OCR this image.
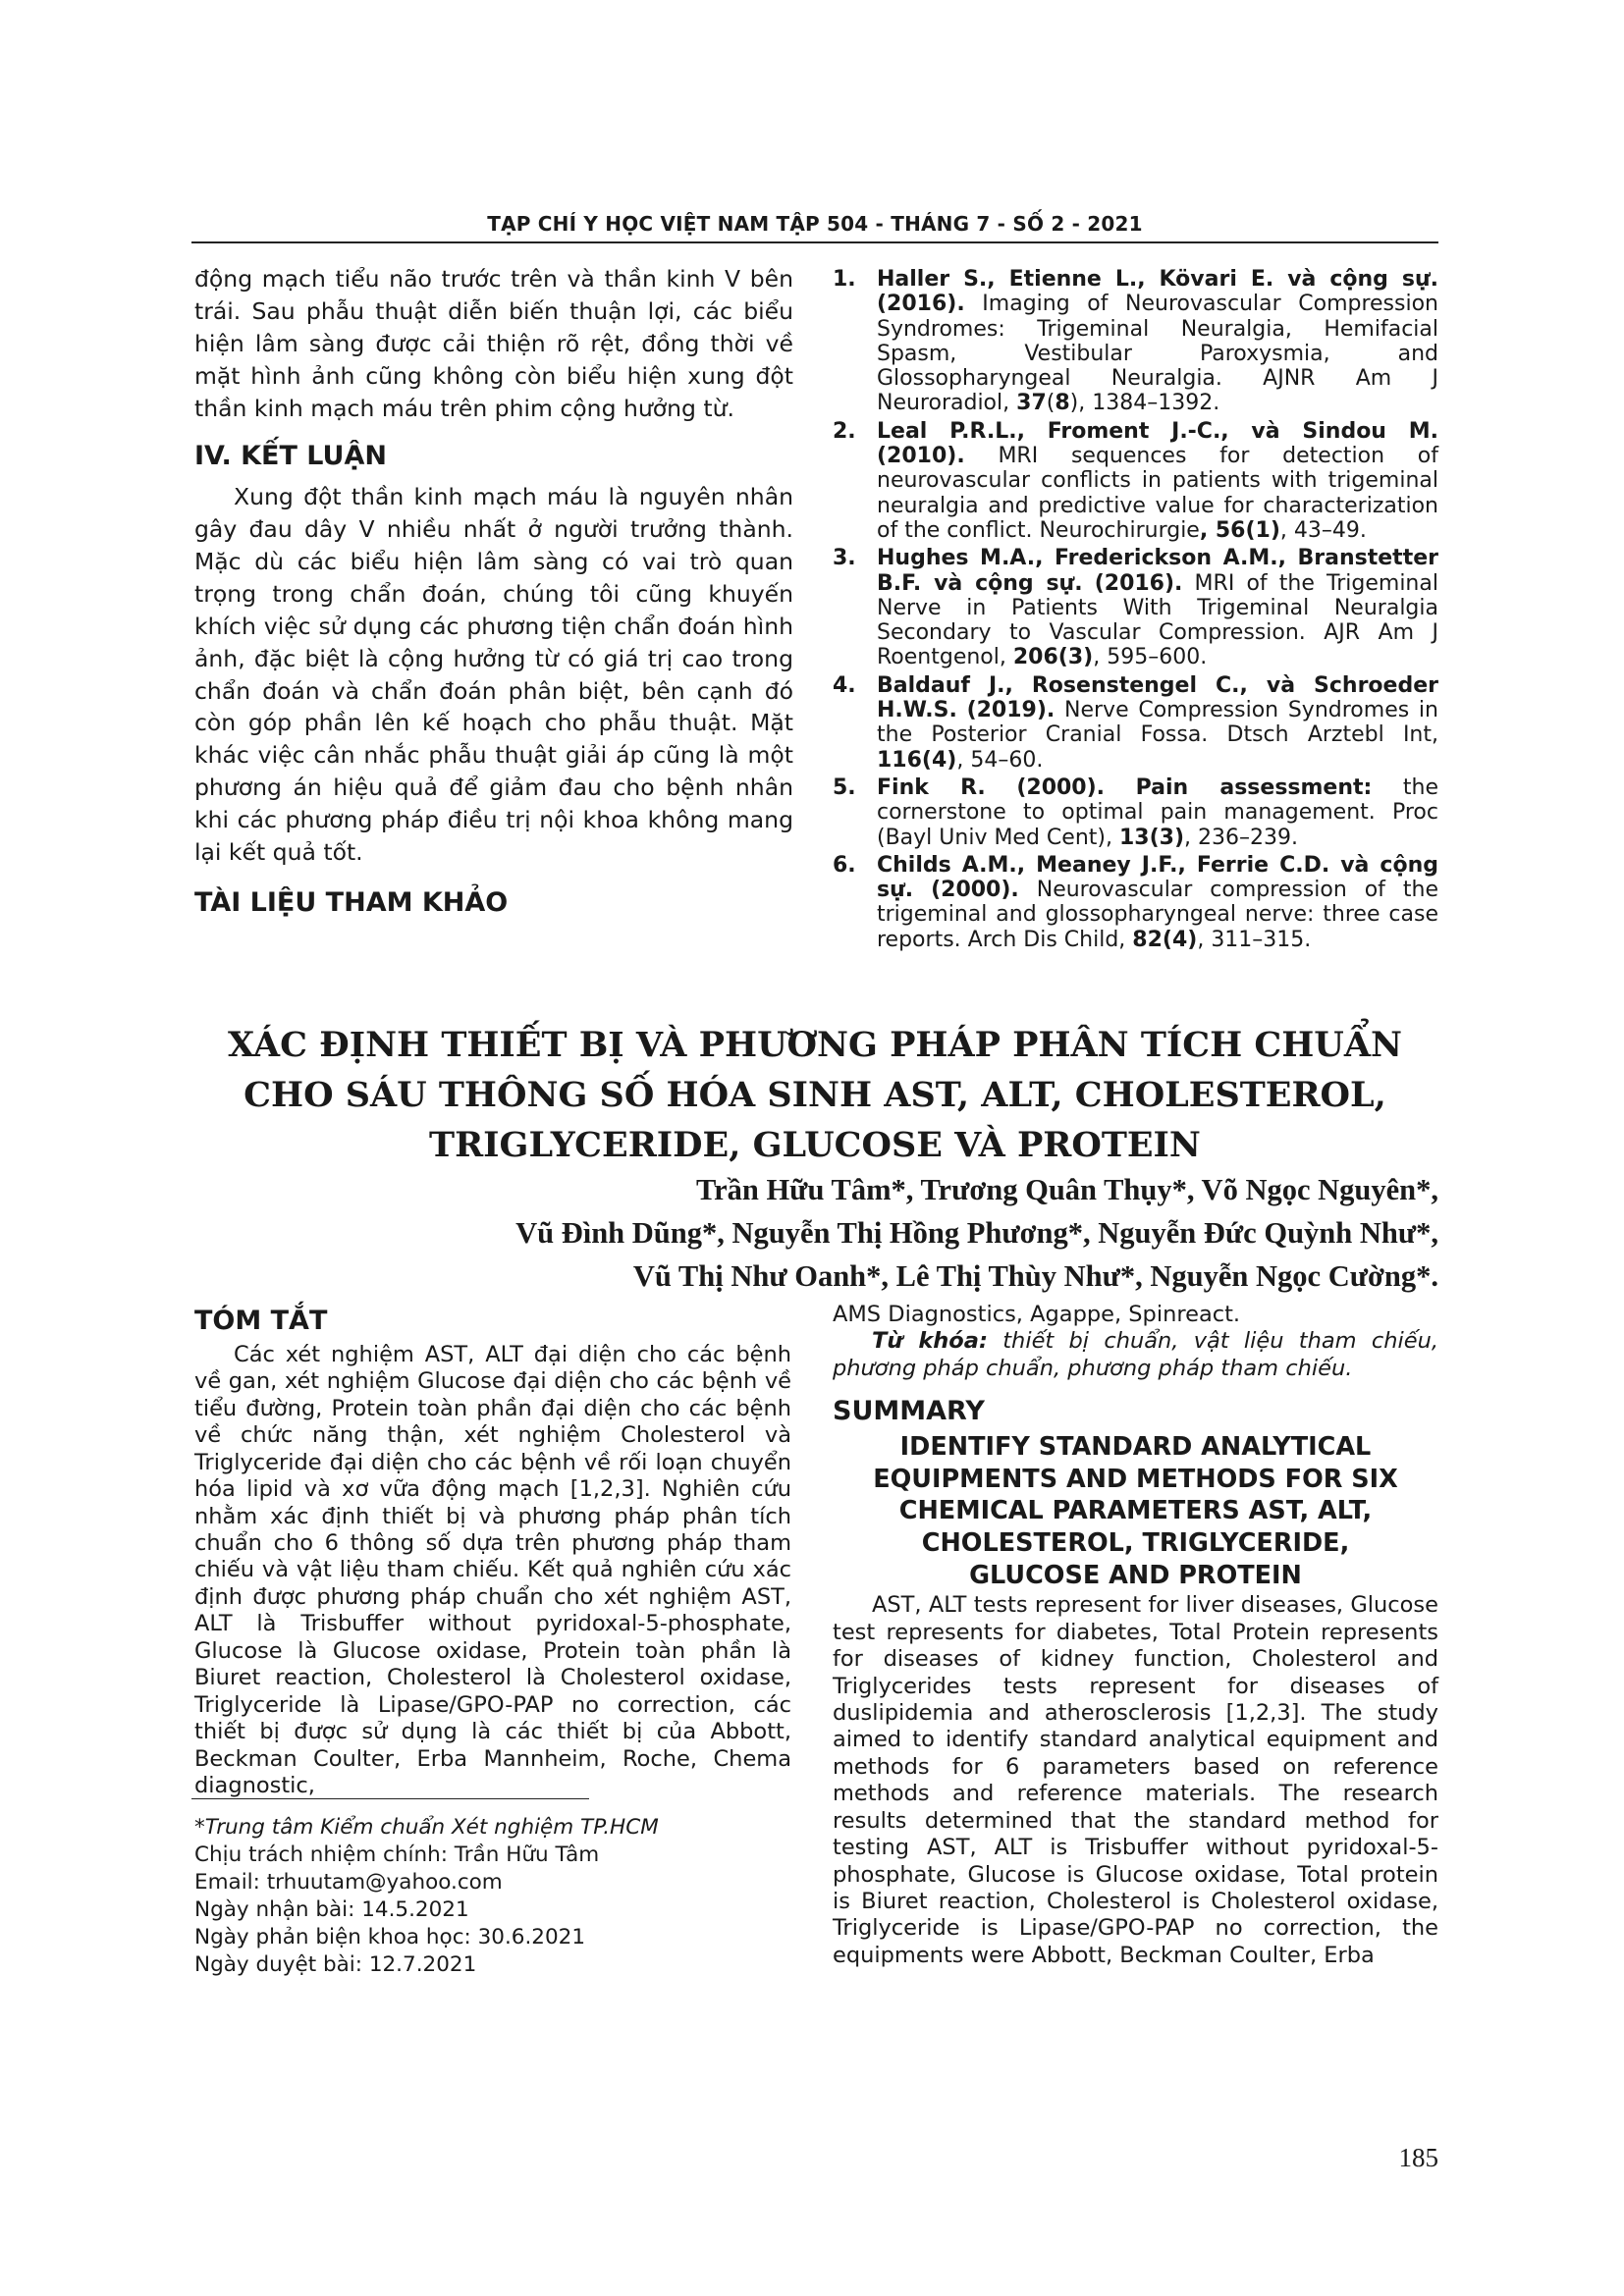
TẠP CHÍ Y HỌC VIỆT NAM TẬP 504 - THÁNG 7 - SỐ 2 - 2021

động mạch tiểu não trước trên và thần kinh V bên trái. Sau phẫu thuật diễn biến thuận lợi, các biểu hiện lâm sàng được cải thiện rõ rệt, đồng thời về mặt hình ảnh cũng không còn biểu hiện xung đột thần kinh mạch máu trên phim cộng hưởng từ.

IV. KẾT LUẬN

Xung đột thần kinh mạch máu là nguyên nhân gây đau dây V nhiều nhất ở người trưởng thành. Mặc dù các biểu hiện lâm sàng có vai trò quan trọng trong chẩn đoán, chúng tôi cũng khuyến khích việc sử dụng các phương tiện chẩn đoán hình ảnh, đặc biệt là cộng hưởng từ có giá trị cao trong chẩn đoán và chẩn đoán phân biệt, bên cạnh đó còn góp phần lên kế hoạch cho phẫu thuật. Mặt khác việc cân nhắc phẫu thuật giải áp cũng là một phương án hiệu quả để giảm đau cho bệnh nhân khi các phương pháp điều trị nội khoa không mang lại kết quả tốt.

TÀI LIỆU THAM KHẢO
1. Haller S., Etienne L., Kövari E. và cộng sự. (2016). Imaging of Neurovascular Compression Syndromes: Trigeminal Neuralgia, Hemifacial Spasm, Vestibular Paroxysmia, and Glossopharyngeal Neuralgia. AJNR Am J Neuroradiol, 37(8), 1384–1392.
2. Leal P.R.L., Froment J.-C., và Sindou M. (2010). MRI sequences for detection of neurovascular conflicts in patients with trigeminal neuralgia and predictive value for characterization of the conflict. Neurochirurgie, 56(1), 43–49.
3. Hughes M.A., Frederickson A.M., Branstetter B.F. và cộng sự. (2016). MRI of the Trigeminal Nerve in Patients With Trigeminal Neuralgia Secondary to Vascular Compression. AJR Am J Roentgenol, 206(3), 595–600.
4. Baldauf J., Rosenstengel C., và Schroeder H.W.S. (2019). Nerve Compression Syndromes in the Posterior Cranial Fossa. Dtsch Arztebl Int, 116(4), 54–60.
5. Fink R. (2000). Pain assessment: the cornerstone to optimal pain management. Proc (Bayl Univ Med Cent), 13(3), 236–239.
6. Childs A.M., Meaney J.F., Ferrie C.D. và cộng sự. (2000). Neurovascular compression of the trigeminal and glossopharyngeal nerve: three case reports. Arch Dis Child, 82(4), 311–315.
XÁC ĐỊNH THIẾT BỊ VÀ PHƯƠNG PHÁP PHÂN TÍCH CHUẨN
CHO SÁU THÔNG SỐ HÓA SINH AST, ALT, CHOLESTEROL,
TRIGLYCERIDE, GLUCOSE VÀ PROTEIN
Trần Hữu Tâm*, Trương Quân Thụy*, Võ Ngọc Nguyên*,
Vũ Đình Dũng*, Nguyễn Thị Hồng Phương*, Nguyễn Đức Quỳnh Như*,
Vũ Thị Như Oanh*, Lê Thị Thùy Như*, Nguyễn Ngọc Cường*.
TÓM TẮT

Các xét nghiệm AST, ALT đại diện cho các bệnh về gan, xét nghiệm Glucose đại diện cho các bệnh về tiểu đường, Protein toàn phần đại diện cho các bệnh về chức năng thận, xét nghiệm Cholesterol và Triglyceride đại diện cho các bệnh về rối loạn chuyển hóa lipid và xơ vữa động mạch [1,2,3]. Nghiên cứu nhằm xác định thiết bị và phương pháp phân tích chuẩn cho 6 thông số dựa trên phương pháp tham chiếu và vật liệu tham chiếu. Kết quả nghiên cứu xác định được phương pháp chuẩn cho xét nghiệm AST, ALT là Trisbuffer without pyridoxal-5-phosphate, Glucose là Glucose oxidase, Protein toàn phần là Biuret reaction, Cholesterol là Cholesterol oxidase, Triglyceride là Lipase/GPO-PAP no correction, các thiết bị được sử dụng là các thiết bị của Abbott, Beckman Coulter, Erba Mannheim, Roche, Chema diagnostic,

AMS Diagnostics, Agappe, Spinreact.

Từ khóa: thiết bị chuẩn, vật liệu tham chiếu, phương pháp chuẩn, phương pháp tham chiếu.

SUMMARY
IDENTIFY STANDARD ANALYTICAL
EQUIPMENTS AND METHODS FOR SIX
CHEMICAL PARAMETERS AST, ALT,
CHOLESTEROL, TRIGLYCERIDE,
GLUCOSE AND PROTEIN

AST, ALT tests represent for liver diseases, Glucose test represents for diabetes, Total Protein represents for diseases of kidney function, Cholesterol and Triglycerides tests represent for diseases of duslipidemia and atherosclerosis [1,2,3]. The study aimed to identify standard analytical equipment and methods for 6 parameters based on reference methods and reference materials. The research results determined that the standard method for testing AST, ALT is Trisbuffer without pyridoxal-5-phosphate, Glucose is Glucose oxidase, Total protein is Biuret reaction, Cholesterol is Cholesterol oxidase, Triglyceride is Lipase/GPO-PAP no correction, the equipments were Abbott, Beckman Coulter, Erba

*Trung tâm Kiểm chuẩn Xét nghiệm TP.HCM
Chịu trách nhiệm chính: Trần Hữu Tâm
Email: trhuutam@yahoo.com
Ngày nhận bài: 14.5.2021
Ngày phản biện khoa học: 30.6.2021
Ngày duyệt bài: 12.7.2021
185
